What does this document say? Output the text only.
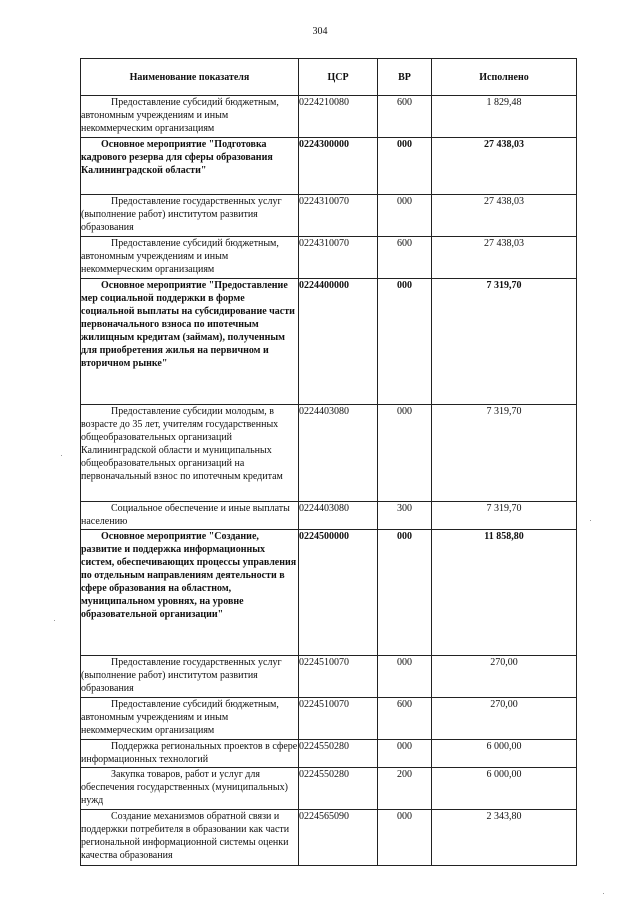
304
Наименование показателя	ЦСР	ВР	Исполнено
Предоставление субсидий бюджетным, автономным учреждениям и иным некоммерческим организациям	0224210080	600	1 829,48
Основное мероприятие "Подготовка кадрового резерва для сферы образования Калининградской области"	0224300000	000	27 438,03
Предоставление государственных услуг (выполнение работ) институтом развития образования	0224310070	000	27 438,03
Предоставление субсидий бюджетным, автономным учреждениям и иным некоммерческим организациям	0224310070	600	27 438,03
Основное мероприятие "Предоставление мер социальной поддержки в форме социальной выплаты на субсидирование части первоначального взноса по ипотечным жилищным кредитам (займам), полученным для приобретения жилья на первичном и вторичном рынке"	0224400000	000	7 319,70
Предоставление субсидии молодым, в возрасте до 35 лет, учителям государственных общеобразовательных организаций Калининградской области и муниципальных общеобразовательных организаций на первоначальный взнос по ипотечным кредитам	0224403080	000	7 319,70
Социальное обеспечение и иные выплаты населению	0224403080	300	7 319,70
Основное мероприятие "Создание, развитие и поддержка информационных систем, обеспечивающих процессы управления по отдельным направлениям деятельности в сфере образования на областном, муниципальном уровнях, на уровне образовательной организации"	0224500000	000	11 858,80
Предоставление государственных услуг (выполнение работ) институтом развития образования	0224510070	000	270,00
Предоставление субсидий бюджетным, автономным учреждениям и иным некоммерческим организациям	0224510070	600	270,00
Поддержка региональных проектов в сфере информационных технологий	0224550280	000	6 000,00
Закупка товаров, работ и услуг для обеспечения государственных (муниципальных) нужд	0224550280	200	6 000,00
Создание механизмов обратной связи и поддержки потребителя в образовании как части региональной информационной системы оценки качества образования	0224565090	000	2 343,80
